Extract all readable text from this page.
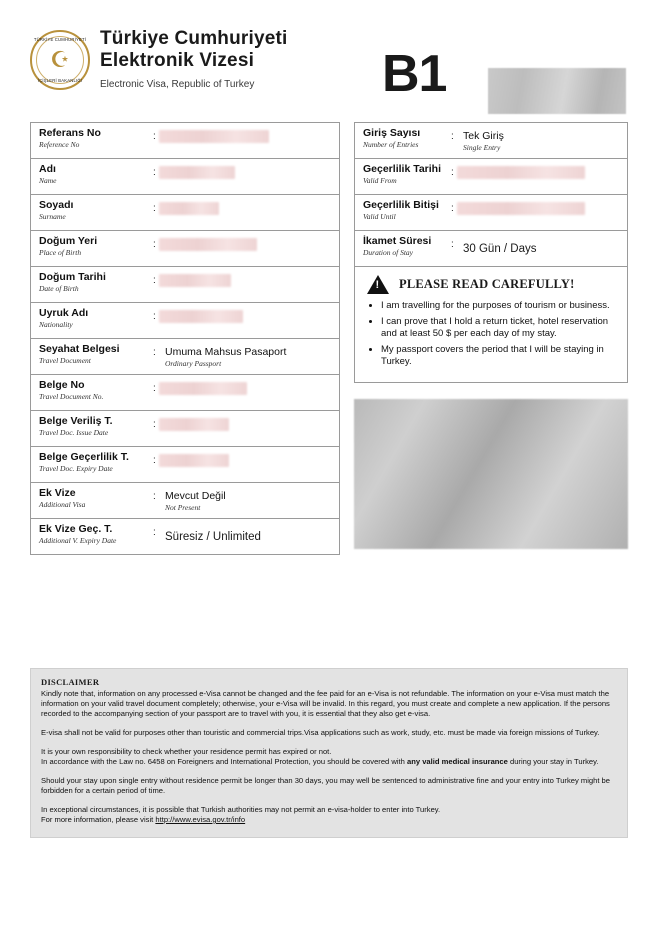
TÜRKİYE CUMHURİYETİ
☪
İÇİŞLERİ BAKANLIĞI
Türkiye Cumhuriyeti
Elektronik Vizesi
Electronic Visa, Republic of Turkey	B1
Referans No
Reference No
:
Adı
Name
:
Soyadı
Surname
:
Doğum Yeri
Place of Birth
:
Doğum Tarihi
Date of Birth
:
Uyruk Adı
Nationality
:
Seyahat Belgesi
Travel Document
: Umuma Mahsus Pasaport
Ordinary Passport
Belge No
Travel Document No.
:
Belge Veriliş T.
Travel Doc. Issue Date
:
Belge Geçerlilik T.
Travel Doc. Expiry Date
:
Ek Vize
Additional Visa
: Mevcut Değil
Not Present
Ek Vize Geç. T.
Additional V. Expiry Date
: Süresiz / Unlimited
Giriş Sayısı
Number of Entries
: Tek Giriş
Single Entry
Geçerlilik Tarihi
Valid From
:
Geçerlilik Bitişi
Valid Until
:
İkamet Süresi
Duration of Stay
: 30 Gün / Days
!
PLEASE READ CAREFULLY!
• I am travelling for the purposes of tourism or business.
• I can prove that I hold a return ticket, hotel reservation and at least 50 $ per each day of my stay.
• My passport covers the period that I will be staying in Turkey.
DISCLAIMER

Kindly note that, information on any processed e-Visa cannot be changed and the fee paid for an e-Visa is not refundable. The information on your e-Visa must match the information on your valid travel document completely; otherwise, your e-Visa will be invalid. In this regard, you must create and complete a new application. If the persons recorded to the accompanying section of your passport are to travel with you, it is essential that they also get e-visa.

E-visa shall not be valid for purposes other than touristic and commercial trips.Visa applications such as work, study, etc. must be made via foreign missions of Turkey.

It is your own responsibility to check whether your residence permit has expired or not.

In accordance with the Law no. 6458 on Foreigners and International Protection, you should be covered with any valid medical insurance during your stay in Turkey.

Should your stay upon single entry without residence permit be longer than 30 days, you may well be sentenced to administrative fine and your entry into Turkey might be forbidden for a certain period of time.

In exceptional circumstances, it is possible that Turkish authorities may not permit an e-visa-holder to enter into Turkey.
For more information, please visit http://www.evisa.gov.tr/info
